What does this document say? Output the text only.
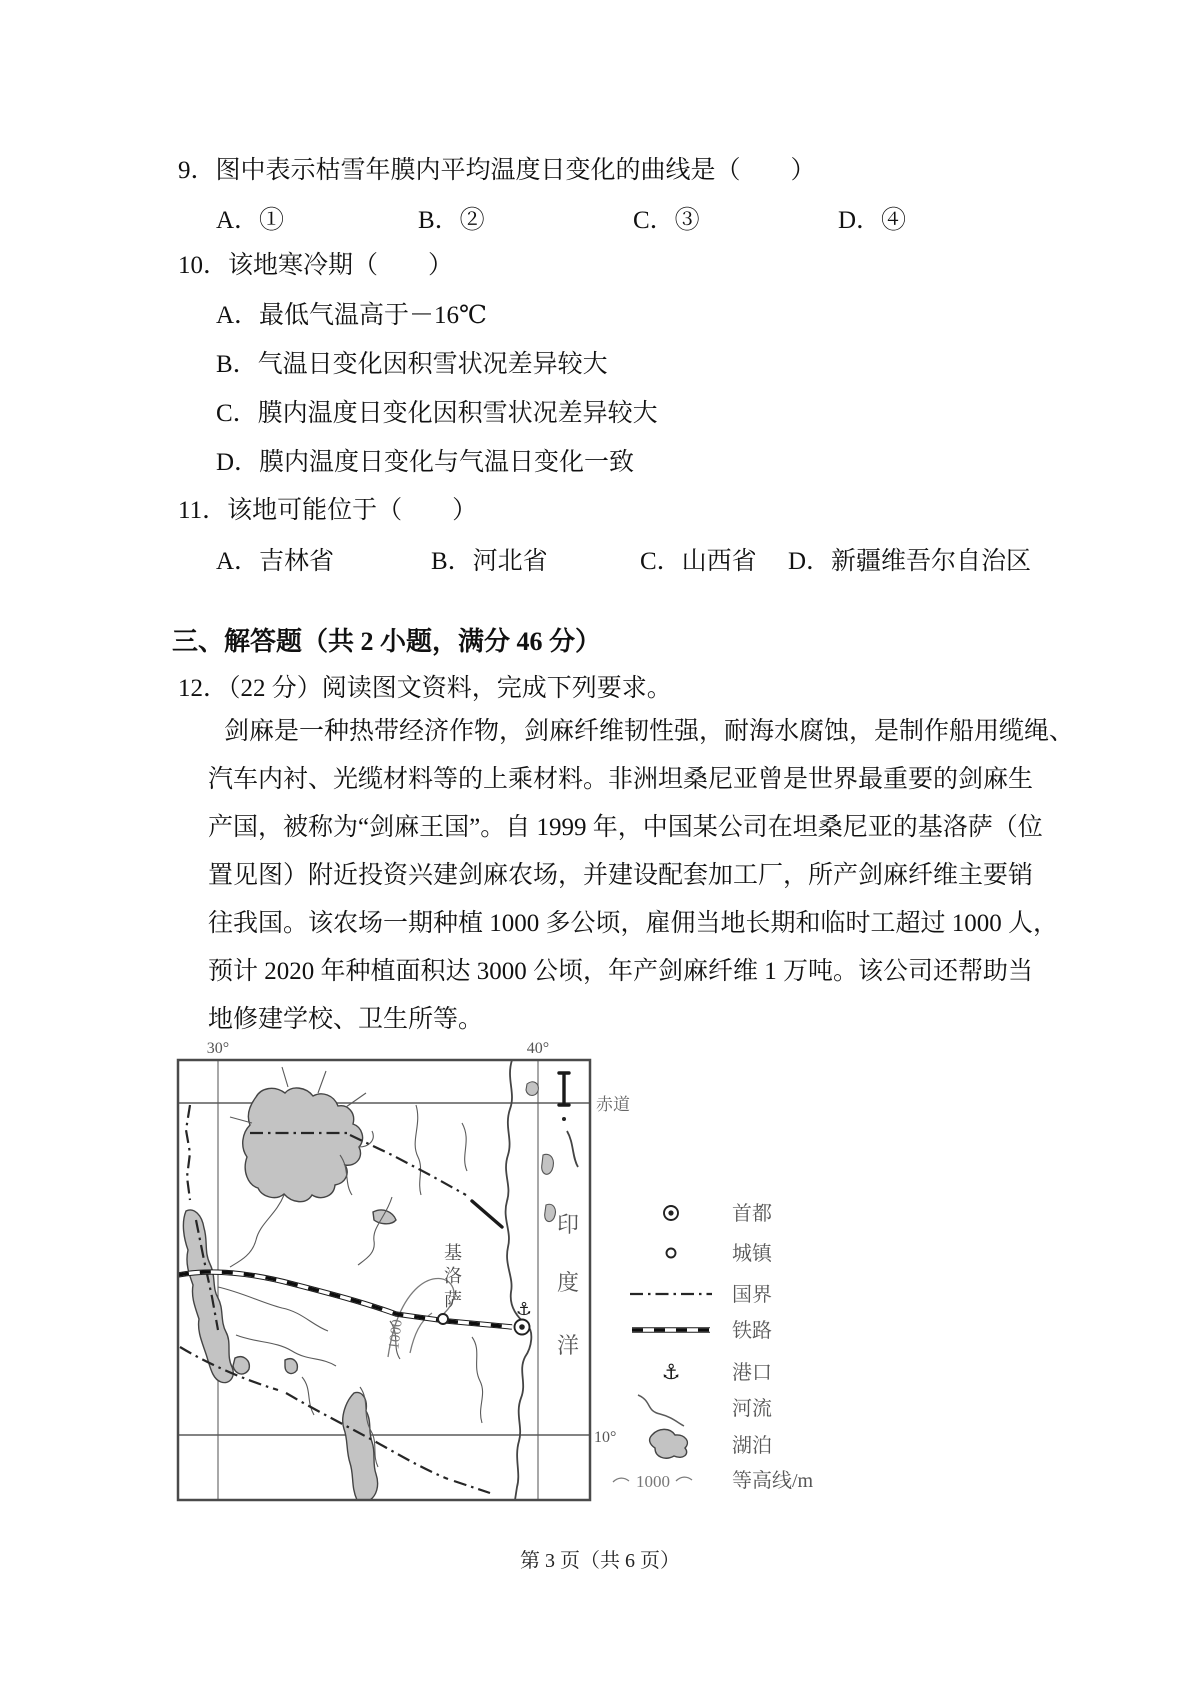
9．图中表示枯雪年膜内平均温度日变化的曲线是（　　）
A．①	B．②	C．③	D．④
10．该地寒冷期（　　）
A．最低气温高于－16℃
B．气温日变化因积雪状况差异较大
C．膜内温度日变化因积雪状况差异较大
D．膜内温度日变化与气温日变化一致
11．该地可能位于（　　）
A．吉林省	B．河北省	C．山西省	D．新疆维吾尔自治区
三、解答题（共 2 小题，满分 46 分）
12．（22 分）阅读图文资料，完成下列要求。
剑麻是一种热带经济作物，剑麻纤维韧性强，耐海水腐蚀，是制作船用缆绳、
汽车内衬、光缆材料等的上乘材料。非洲坦桑尼亚曾是世界最重要的剑麻生
产国，被称为“剑麻王国”。自 1999 年，中国某公司在坦桑尼亚的基洛萨（位
置见图）附近投资兴建剑麻农场，并建设配套加工厂，所产剑麻纤维主要销
往我国。该农场一期种植 1000 多公顷，雇佣当地长期和临时工超过 1000 人，
预计 2020 年种植面积达 3000 公顷，年产剑麻纤维 1 万吨。该公司还帮助当
地修建学校、卫生所等。
1000
⚓
30°	40°
赤道
10°
印
度
洋
基
洛
萨
首都
城镇
国界
铁路
⚓	港口
河流
湖泊
1000	等高线/m
第 3 页（共 6 页）
